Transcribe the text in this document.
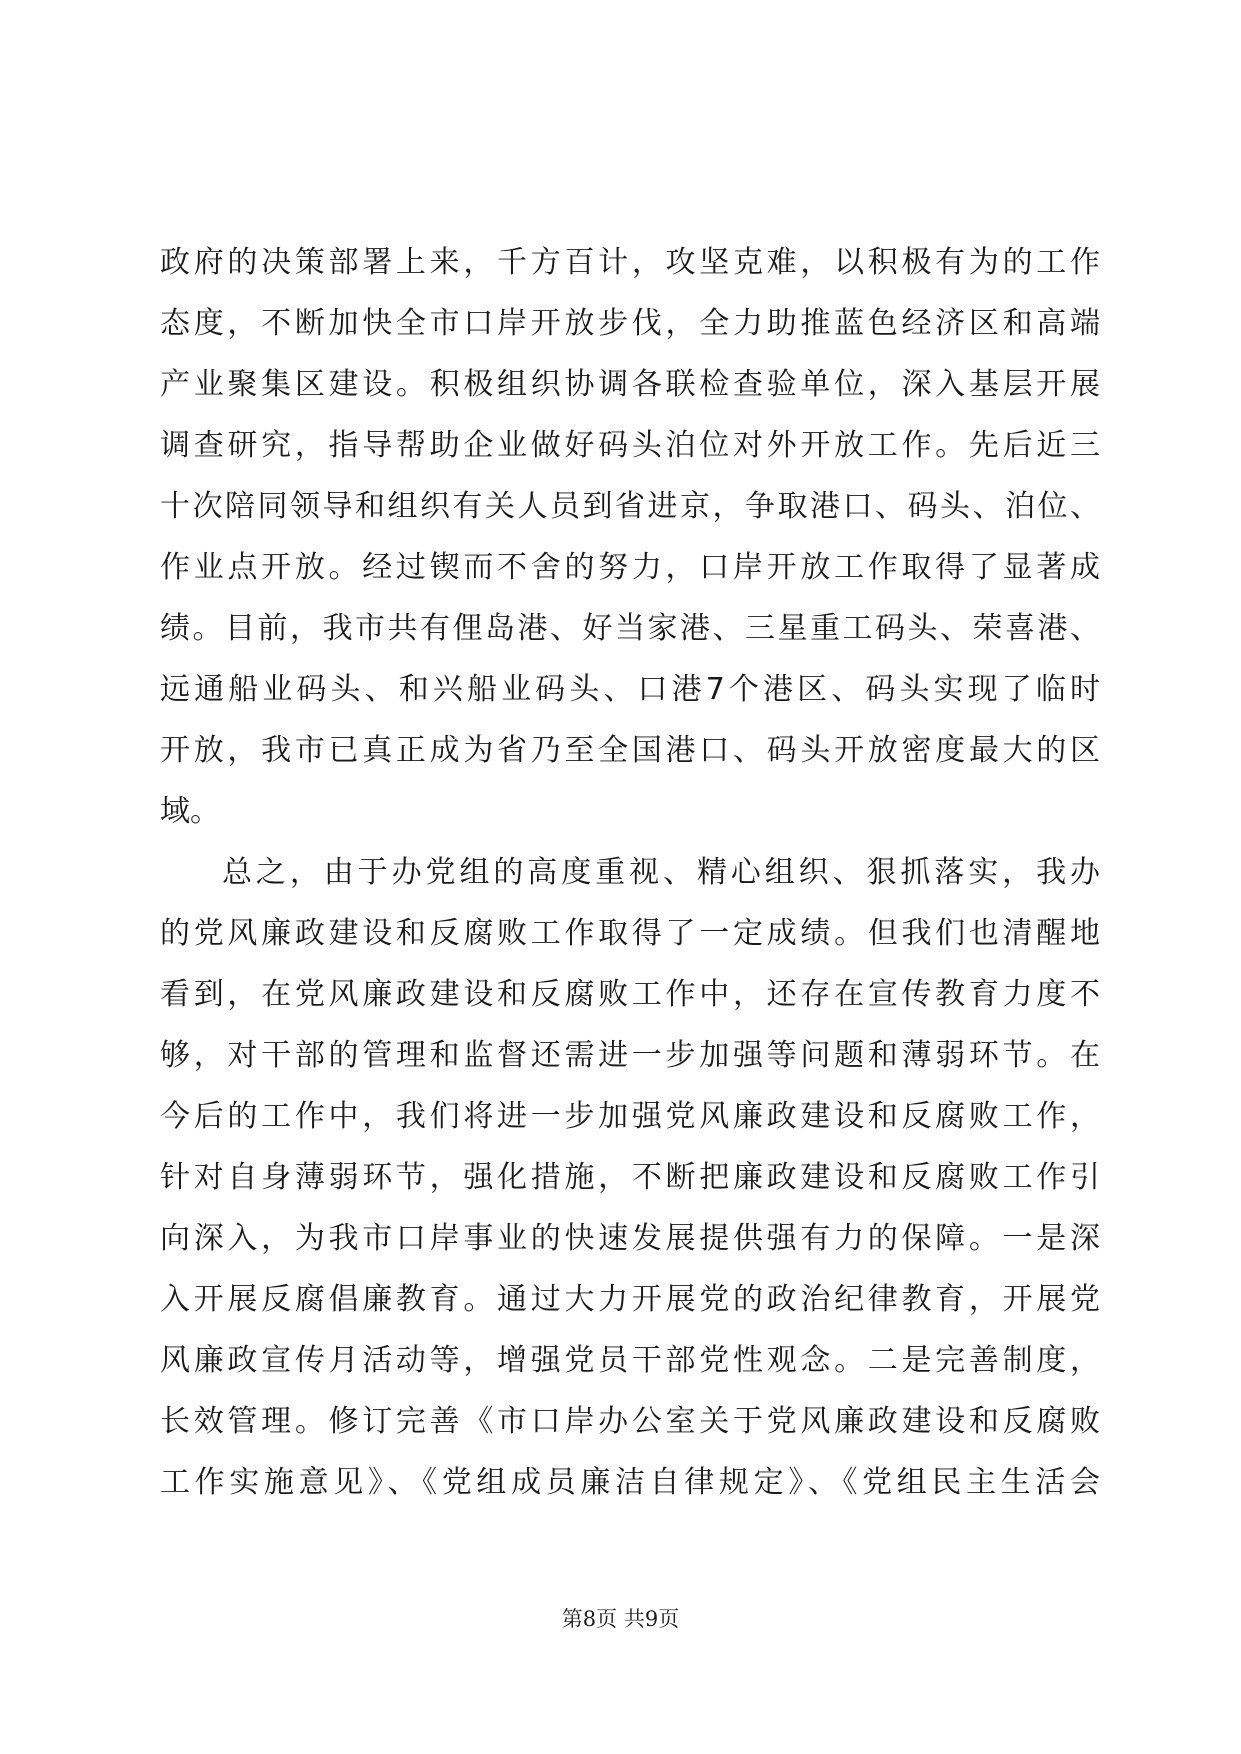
政府的决策部署上来，千方百计，攻坚克难，以积极有为的工作
态度，不断加快全市口岸开放步伐，全力助推蓝色经济区和高端
产业聚集区建设。积极组织协调各联检查验单位，深入基层开展
调查研究，指导帮助企业做好码头泊位对外开放工作。先后近三
十次陪同领导和组织有关人员到省进京，争取港口、码头、泊位、
作业点开放。经过锲而不舍的努力，口岸开放工作取得了显著成
绩。目前，我市共有俚岛港、好当家港、三星重工码头、荣喜港、
远通船业码头、和兴船业码头、口港7个港区、码头实现了临时
开放，我市已真正成为省乃至全国港口、码头开放密度最大的区
域。
总之，由于办党组的高度重视、精心组织、狠抓落实，我办
的党风廉政建设和反腐败工作取得了一定成绩。但我们也清醒地
看到，在党风廉政建设和反腐败工作中，还存在宣传教育力度不
够，对干部的管理和监督还需进一步加强等问题和薄弱环节。在
今后的工作中，我们将进一步加强党风廉政建设和反腐败工作，
针对自身薄弱环节，强化措施，不断把廉政建设和反腐败工作引
向深入，为我市口岸事业的快速发展提供强有力的保障。一是深
入开展反腐倡廉教育。通过大力开展党的政治纪律教育，开展党
风廉政宣传月活动等，增强党员干部党性观念。二是完善制度，
长效管理。修订完善《市口岸办公室关于党风廉政建设和反腐败
工作实施意见》、《党组成员廉洁自律规定》、《党组民主生活会
第8页 共9页
